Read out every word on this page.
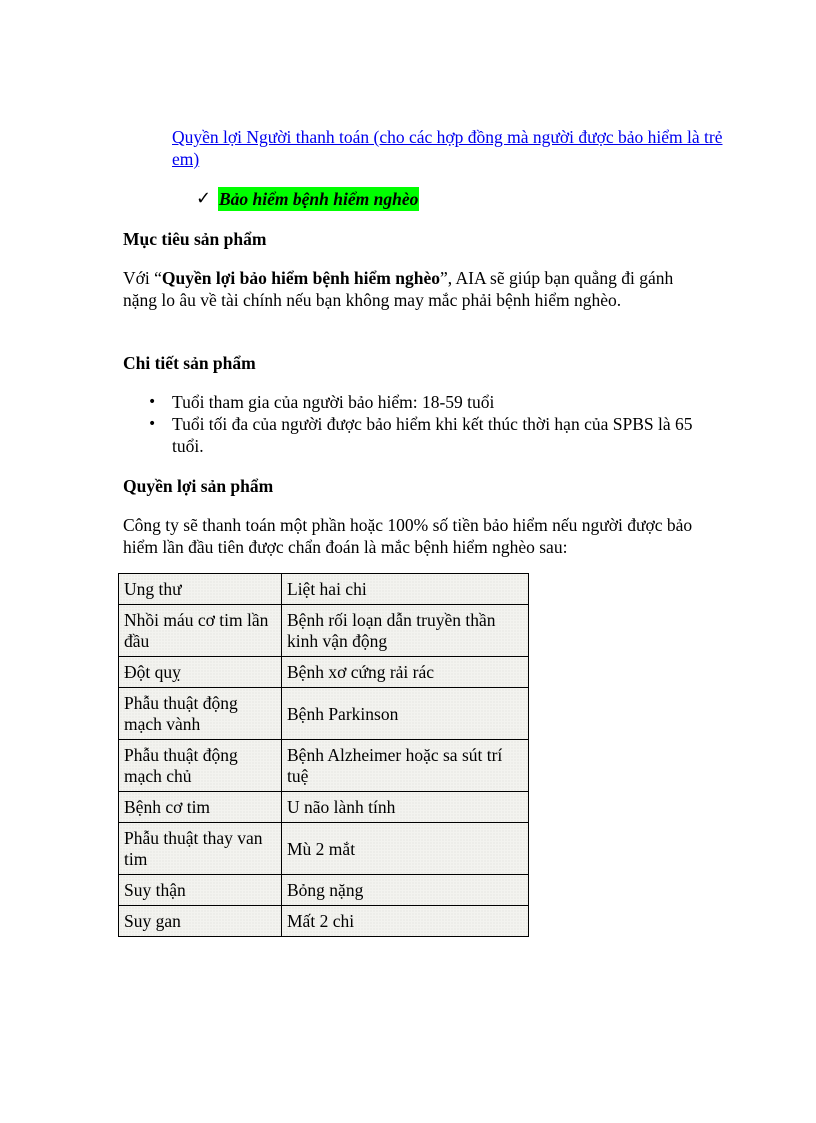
Quyền lợi Người thanh toán (cho các hợp đồng mà người được bảo hiểm là trẻ em)
✓ Bảo hiểm bệnh hiểm nghèo
Mục tiêu sản phẩm
Với “Quyền lợi bảo hiểm bệnh hiểm nghèo”, AIA sẽ giúp bạn quẳng đi gánh nặng lo âu về tài chính nếu bạn không may mắc phải bệnh hiểm nghèo.
Chi tiết sản phẩm
• Tuổi tham gia của người bảo hiểm: 18-59 tuổi
• Tuổi tối đa của người được bảo hiểm khi kết thúc thời hạn của SPBS là 65 tuổi.
Quyền lợi sản phẩm
Công ty sẽ thanh toán một phần hoặc 100% số tiền bảo hiểm nếu người được bảo hiểm lần đầu tiên được chẩn đoán là mắc bệnh hiểm nghèo sau:
Ung thư	Liệt hai chi
Nhồi máu cơ tim lần đầu	Bệnh rối loạn dẫn truyền thần kinh vận động
Đột quỵ	Bệnh xơ cứng rải rác
Phẫu thuật động mạch vành	Bệnh Parkinson
Phẫu thuật động mạch chủ	Bệnh Alzheimer hoặc sa sút trí tuệ
Bệnh cơ tim	U não lành tính
Phẫu thuật thay van tim	Mù 2 mắt
Suy thận	Bỏng nặng
Suy gan	Mất 2 chi
